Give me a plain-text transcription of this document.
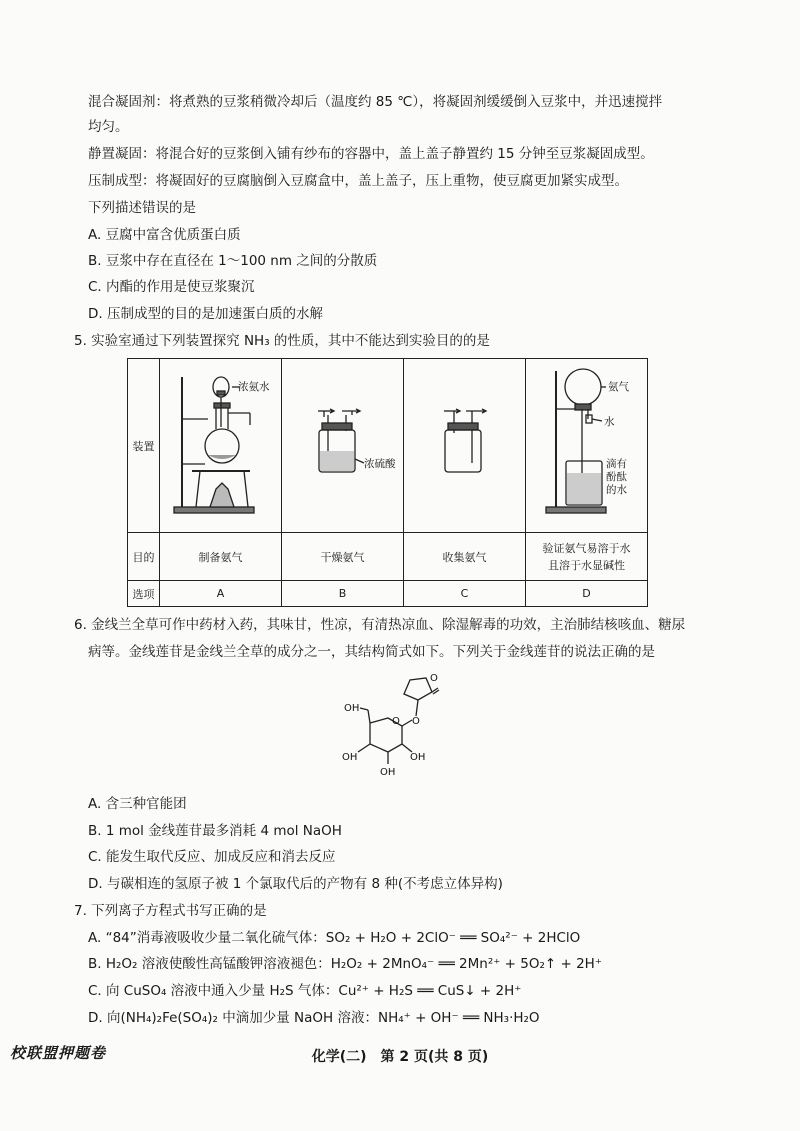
混合凝固剂：将煮熟的豆浆稍微冷却后（温度约 85 ℃），将凝固剂缓缓倒入豆浆中，并迅速搅拌
均匀。
静置凝固：将混合好的豆浆倒入铺有纱布的容器中，盖上盖子静置约 15 分钟至豆浆凝固成型。
压制成型：将凝固好的豆腐脑倒入豆腐盒中，盖上盖子，压上重物，使豆腐更加紧实成型。
下列描述错误的是
A. 豆腐中富含优质蛋白质
B. 豆浆中存在直径在 1～100 nm 之间的分散质
C. 内酯的作用是使豆浆聚沉
D. 压制成型的目的是加速蛋白质的水解
5. 实验室通过下列装置探究 NH₃ 的性质，其中不能达到实验目的的是
装置	浓氨水	浓硫酸		氨气
水
滴有
酚酞
的水

目的	制备氨气	干燥氨气	收集氨气	验证氨气易溶于水
且溶于水显碱性

选项	A	B	C	D
6. 金线兰全草可作中药材入药，其味甘，性凉，有清热凉血、除湿解毒的功效，主治肺结核咳血、糖尿
病等。金线莲苷是金线兰全草的成分之一，其结构简式如下。下列关于金线莲苷的说法正确的是
O
O
O
OH
OH
OH
OH
A. 含三种官能团
B. 1 mol 金线莲苷最多消耗 4 mol NaOH
C. 能发生取代反应、加成反应和消去反应
D. 与碳相连的氢原子被 1 个氯取代后的产物有 8 种(不考虑立体异构)
7. 下列离子方程式书写正确的是
A. “84”消毒液吸收少量二氧化硫气体：SO₂ + H₂O + 2ClO⁻ ══ SO₄²⁻ + 2HClO
B. H₂O₂ 溶液使酸性高锰酸钾溶液褪色：H₂O₂ + 2MnO₄⁻ ══ 2Mn²⁺ + 5O₂↑ + 2H⁺
C. 向 CuSO₄ 溶液中通入少量 H₂S 气体：Cu²⁺ + H₂S ══ CuS↓ + 2H⁺
D. 向(NH₄)₂Fe(SO₄)₂ 中滴加少量 NaOH 溶液：NH₄⁺ + OH⁻ ══ NH₃·H₂O
校联盟押题卷	化学(二)　第 2 页(共 8 页)
